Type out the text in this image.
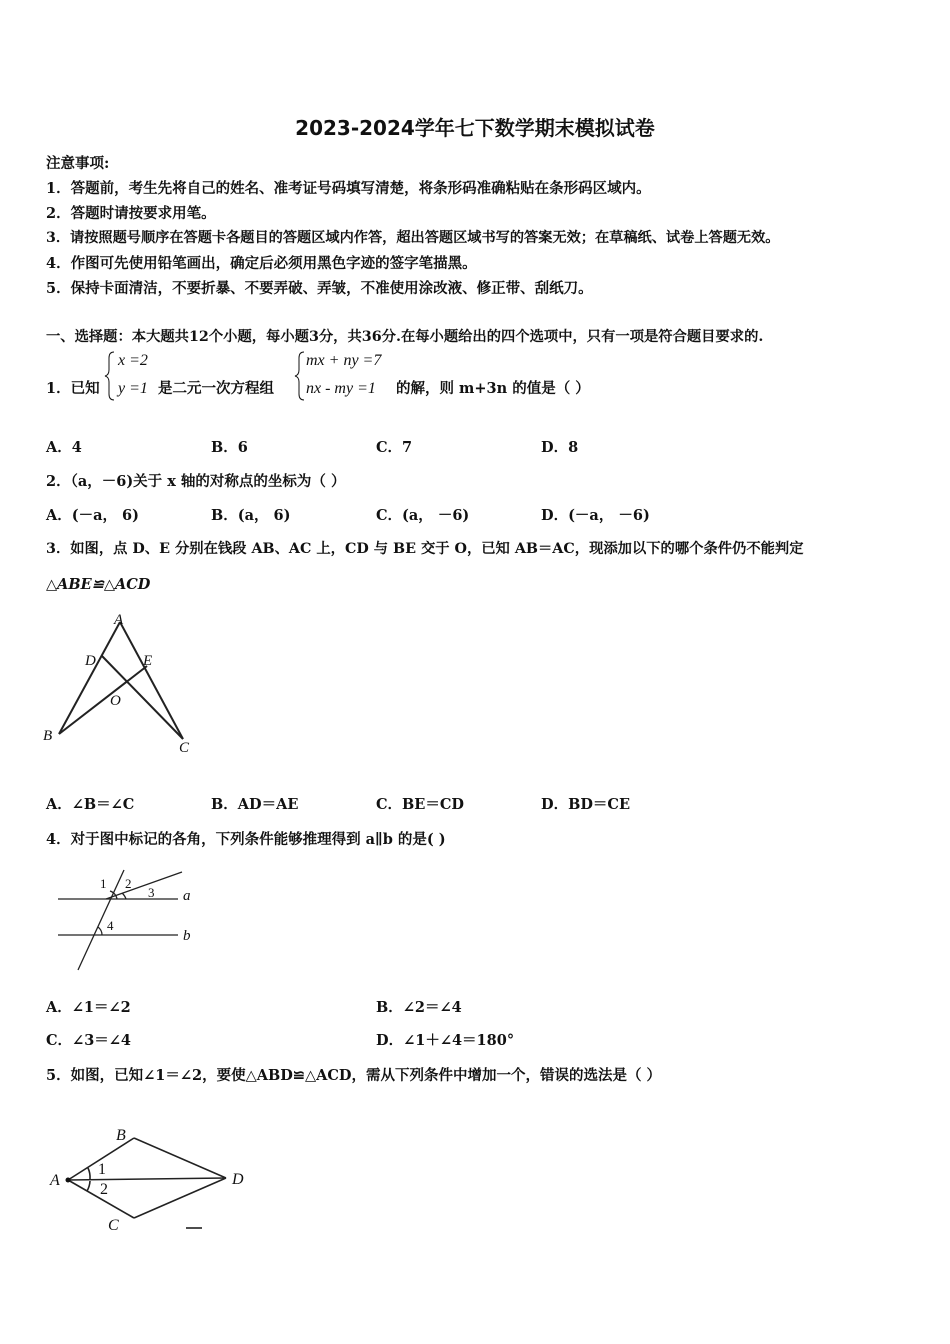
2023-2024学年七下数学期末模拟试卷
注意事项:
1．答题前，考生先将自己的姓名、准考证号码填写清楚，将条形码准确粘贴在条形码区域内。
2．答题时请按要求用笔。
3．请按照题号顺序在答题卡各题目的答题区域内作答，超出答题区域书写的答案无效；在草稿纸、试卷上答题无效。
4．作图可先使用铅笔画出，确定后必须用黑色字迹的签字笔描黑。
5．保持卡面清洁，不要折暴、不要弄破、弄皱，不准使用涂改液、修正带、刮纸刀。
一、选择题：本大题共12个小题，每小题3分，共36分.在每小题给出的四个选项中，只有一项是符合题目要求的.
1．已知
x =2
y =1 是二元一次方程组
mx + ny =7
nx - my =1 的解，则 m+3n 的值是（ ）
A．4	B．6	C．7	D．8
2．（a，－6)关于 x 轴的对称点的坐标为（ ）
A．(－a， 6)	B．(a， 6)	C．(a， －6)	D．(－a， －6)
3．如图，点 D、E 分别在钱段 AB、AC 上，CD 与 BE 交于 O，已知 AB＝AC，现添加以下的哪个条件仍不能判定
△ABE≌△ACD
A
D	E
O
B
C
A．∠B＝∠C	B．AD＝AE	C．BE＝CD	D．BD＝CE
4．对于图中标记的各角，下列条件能够推理得到 a∥b 的是( )
1 2
3
4
a
b
A．∠1＝∠2	B．∠2＝∠4
C．∠3＝∠4	D．∠1＋∠4＝180°
5．如图，已知∠1＝∠2，要使△ABD≌△ACD，需从下列条件中增加一个，错误的选法是（ ）
B
A
1
2
D
C
